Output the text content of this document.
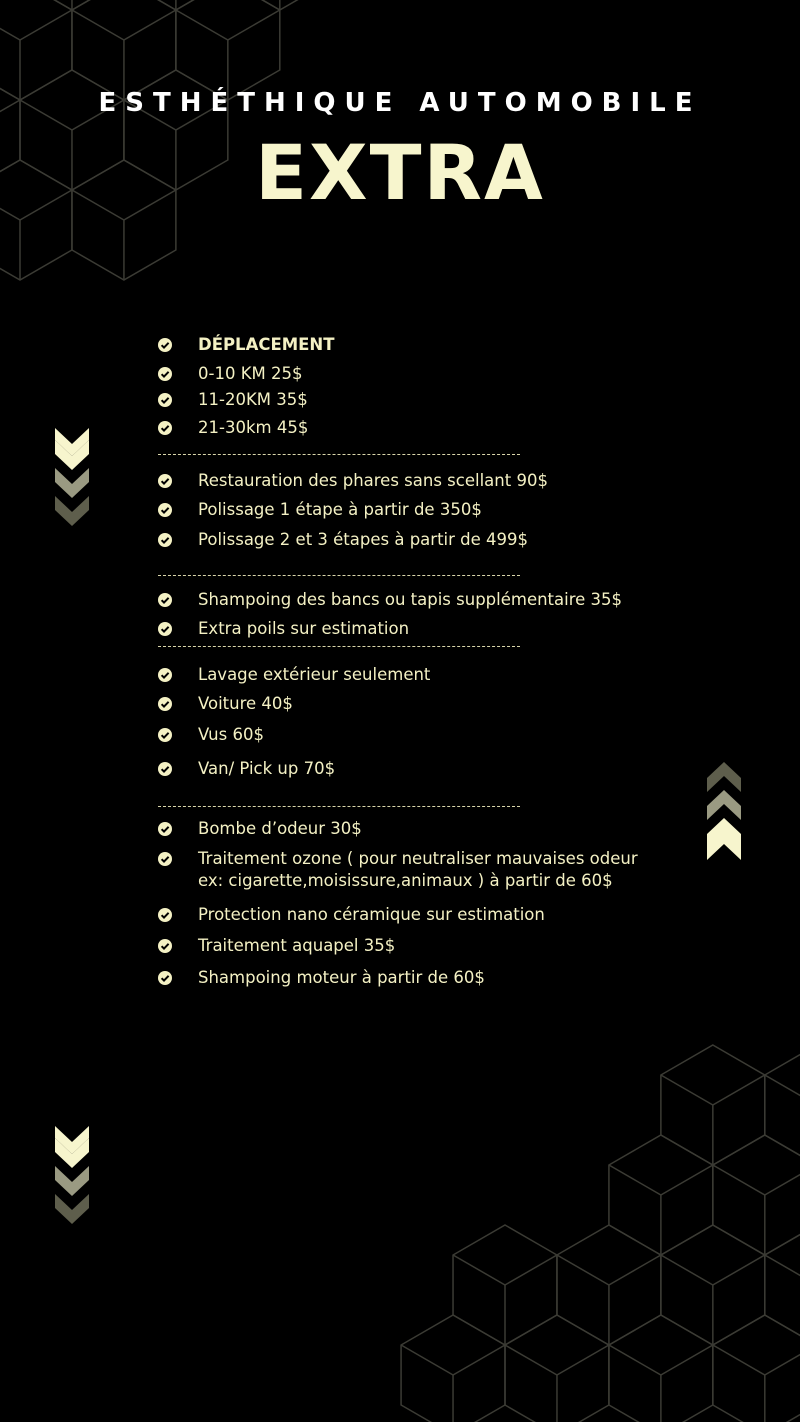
ESTHÉTHIQUE AUTOMOBILE
EXTRA
DÉPLACEMENT
0-10 KM 25$
11-20KM 35$
21-30km 45$
Restauration des phares sans scellant 90$
Polissage 1 étape à partir de 350$
Polissage 2 et 3 étapes à partir de 499$
Shampoing des bancs ou tapis supplémentaire 35$
Extra poils sur estimation
Lavage extérieur seulement
Voiture 40$
Vus 60$
Van/ Pick up 70$
Bombe d’odeur 30$
Traitement ozone ( pour neutraliser mauvaises odeur
ex: cigarette,moisissure,animaux ) à partir de 60$
Protection nano céramique sur estimation
Traitement aquapel 35$
Shampoing moteur à partir de 60$
